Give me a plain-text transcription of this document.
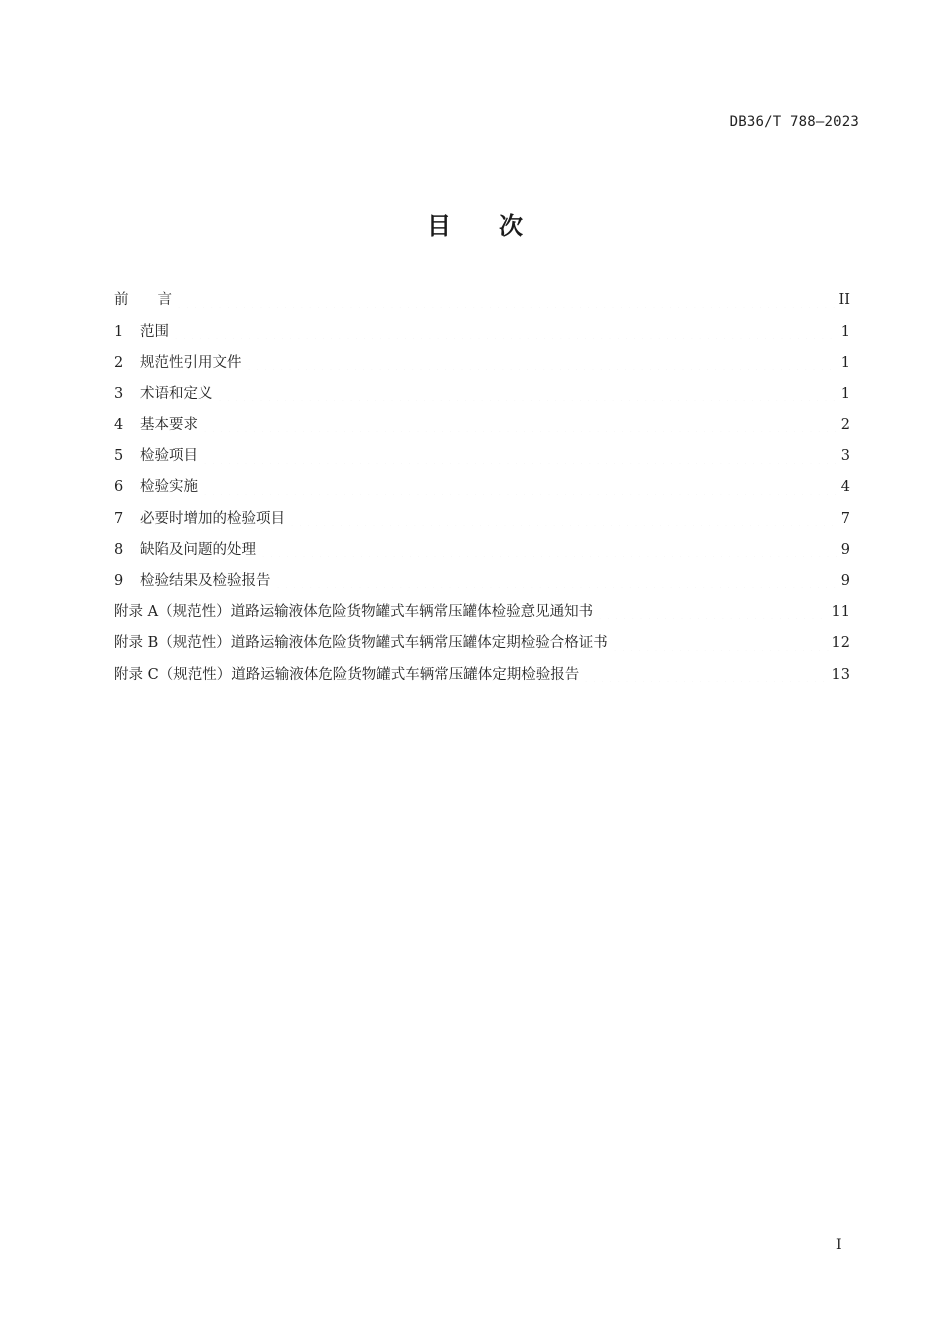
DB36/T 788—2023
目 次
前　　言	II
1	范围	1
2	规范性引用文件	1
3	术语和定义	1
4	基本要求	2
5	检验项目	3
6	检验实施	4
7	必要时增加的检验项目	7
8	缺陷及问题的处理	9
9	检验结果及检验报告	9
附录 A（规范性）道路运输液体危险货物罐式车辆常压罐体检验意见通知书	11
附录 B（规范性）道路运输液体危险货物罐式车辆常压罐体定期检验合格证书	12
附录 C（规范性）道路运输液体危险货物罐式车辆常压罐体定期检验报告	13
I
